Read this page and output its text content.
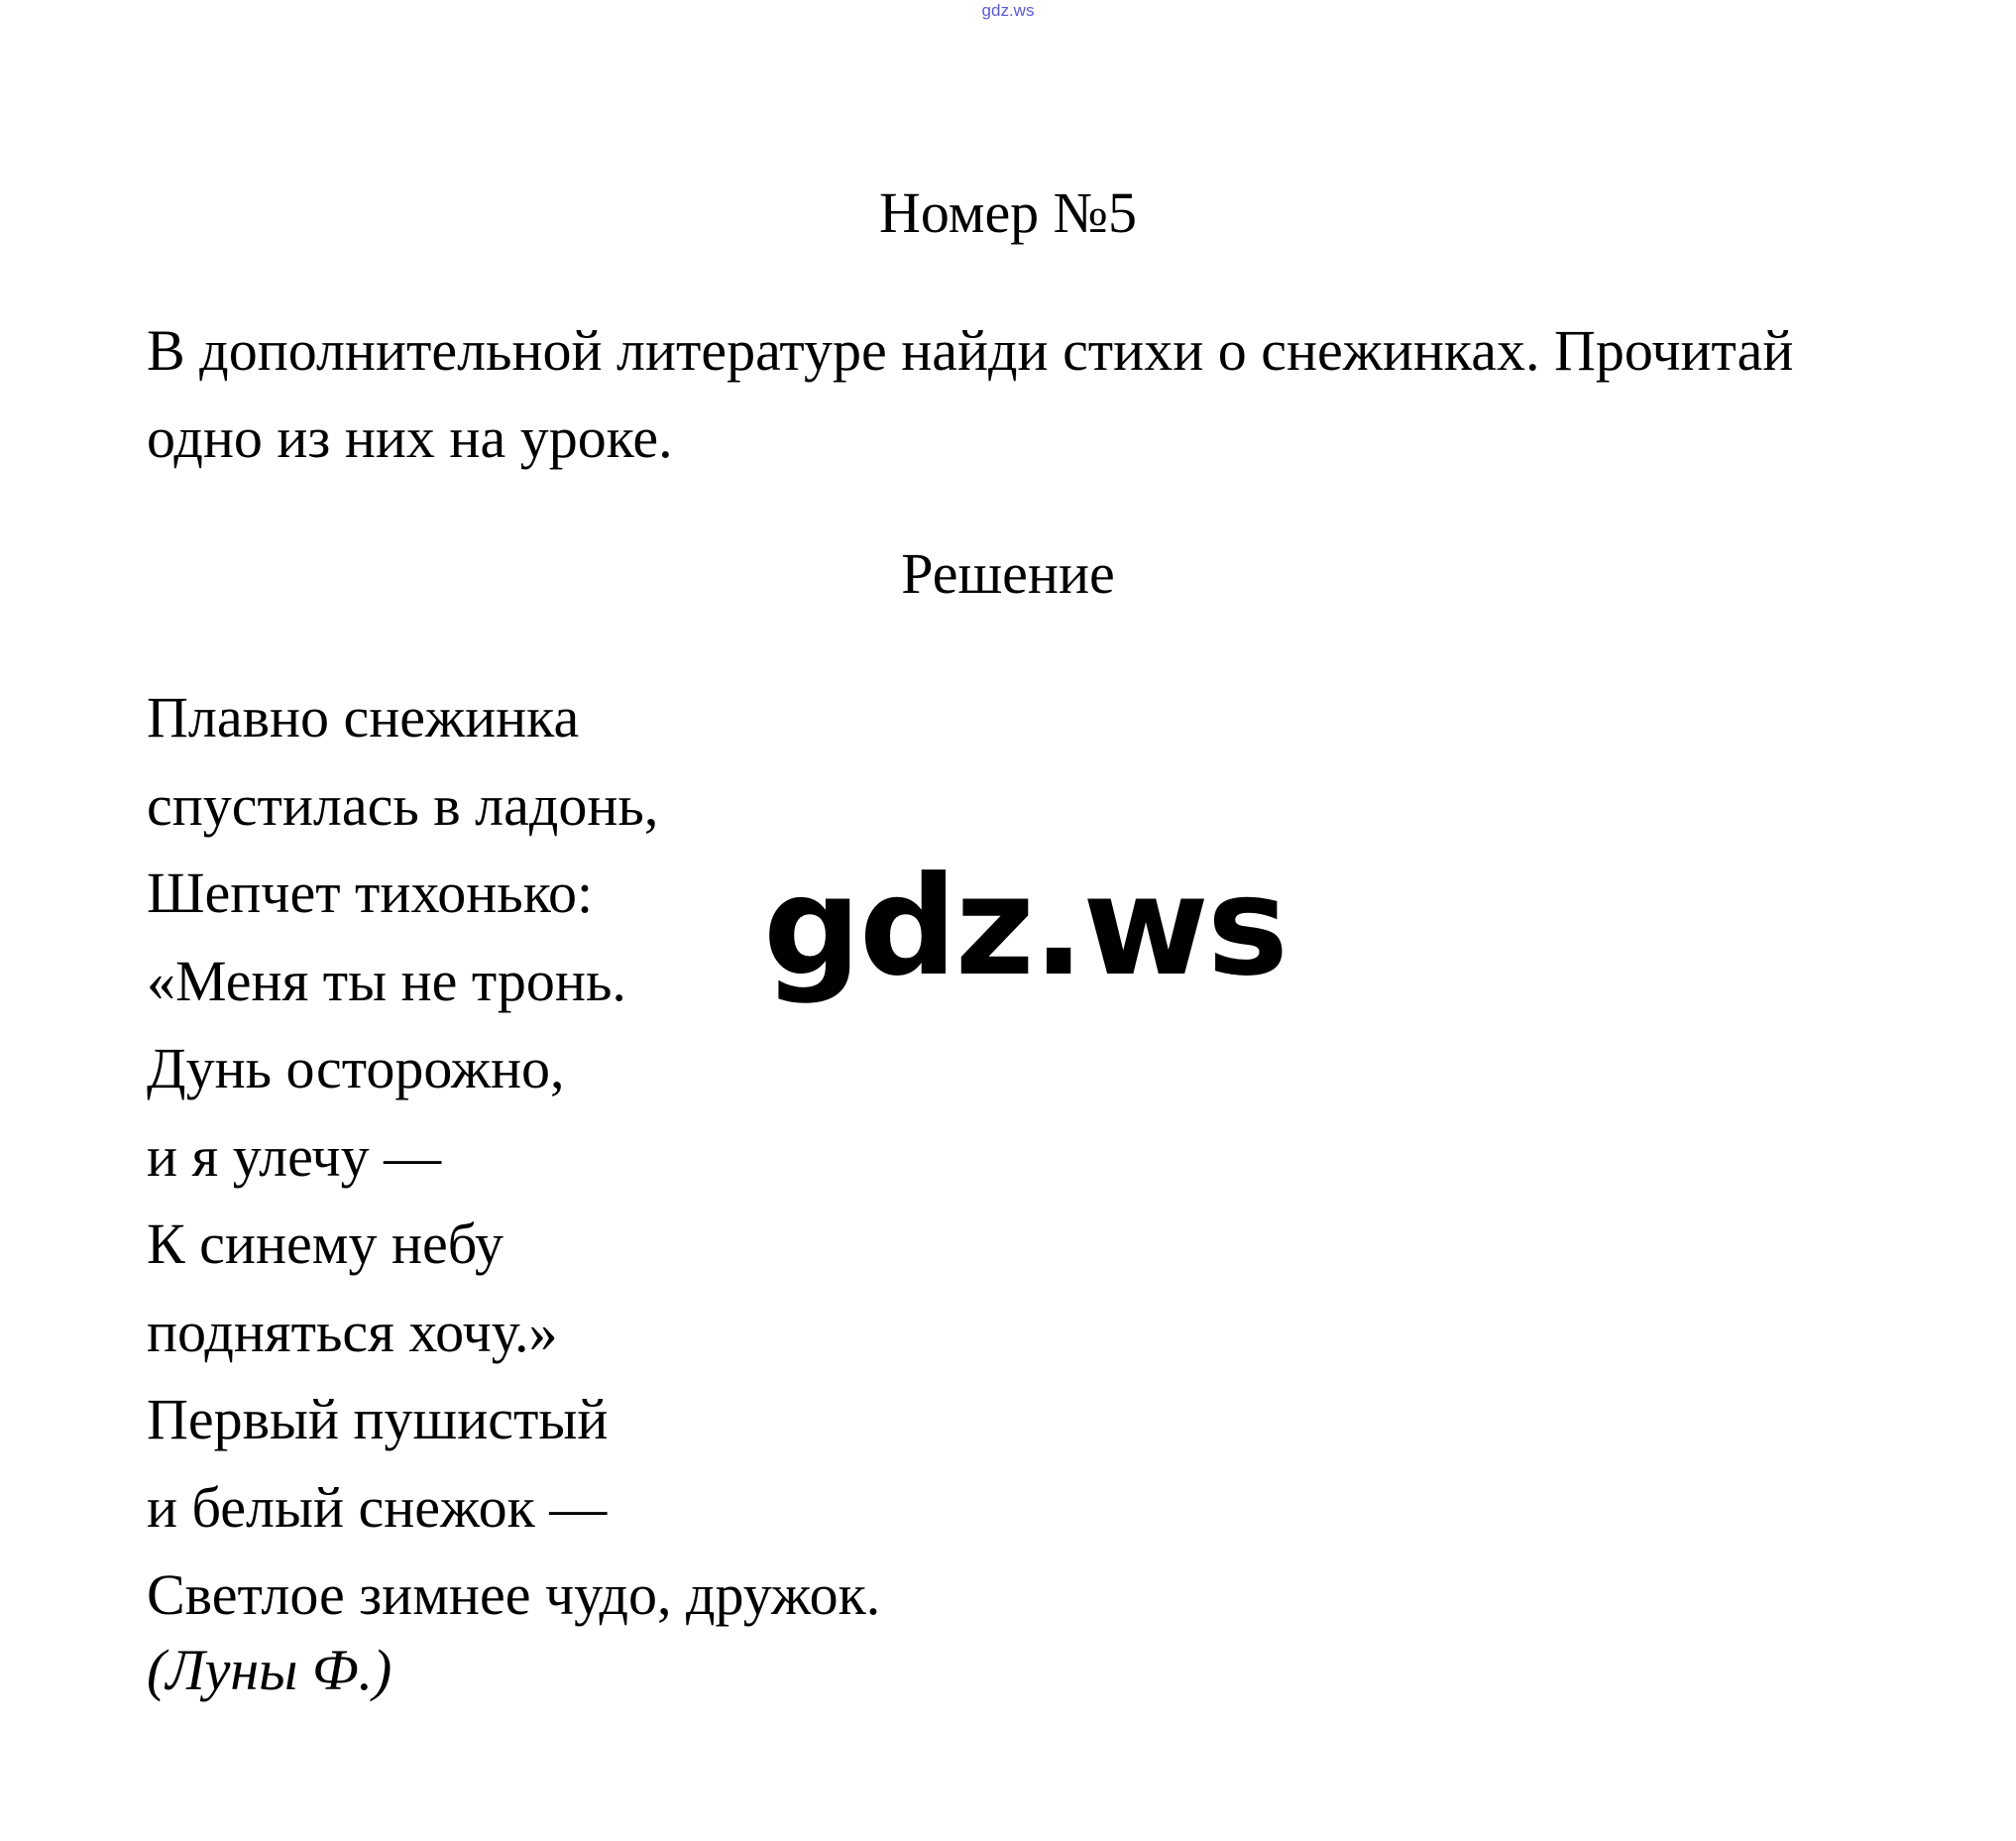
gdz.ws
Номер №5

В дополнительной литературе найди стихи о снежинках. Прочитай одно из них на уроке.

Решение
Плавно снежинка
спустилась в ладонь,
Шепчет тихонько:
«Меня ты не тронь.
Дунь осторожно,
и я улечу —
К синему небу
подняться хочу.»
Первый пушистый
и белый снежок —
Светлое зимнее чудо, дружок.
(Луны Ф.)
gdz.ws
